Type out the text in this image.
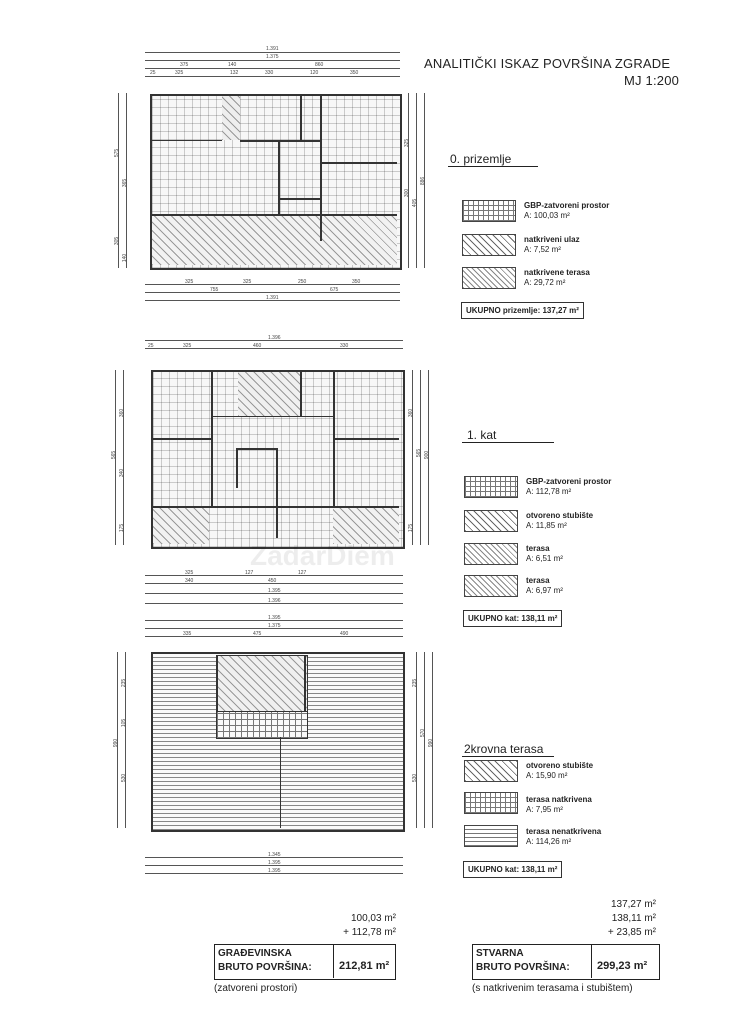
ANALITIČKI ISKAZ POVRŠINA ZGRADE
MJ 1:200
1.391
1.375
375	140	860
25	325	132	330	120	350
575
365
305
140
325
300
405
886
325	325	250	350
755	675
1.391
0. prizemlje
GBP-zatvoreni prostor
A: 100,03 m²
natkriveni ulaz
A: 7,52 m²
natkrivene terasa
A: 29,72 m²
UKUPNO prizemlje: 137,27 m²
1.396
25	325	460	330
360
340
565
175
360
565 900
175
325	127	127
450
340
1.395
1.396
1. kat
GBP-zatvoreni prostor
A: 112,78 m²
otvoreno stubište
A: 11,85 m²
terasa
A: 6,51 m²
terasa
A: 6,97 m²
UKUPNO kat: 138,11 m²
1.395
1.375
335	475	490
235
105
530
990
235
570
530
990
1.345
1.395
1.395
2krovna terasa
otvoreno stubište
A: 15,90 m²
terasa natkrivena
A: 7,95 m²
terasa nenatkrivena
A: 114,26 m²
UKUPNO kat: 138,11 m²
ZadarDiem
100,03 m²
+ 112,78 m²
GRAĐEVINSKA
BRUTO POVRŠINA: 212,81 m²
(zatvoreni prostori)
137,27 m²
138,11 m²
+ 23,85 m²
STVARNA
BRUTO POVRŠINA: 299,23 m²
(s natkrivenim terasama i stubištem)
